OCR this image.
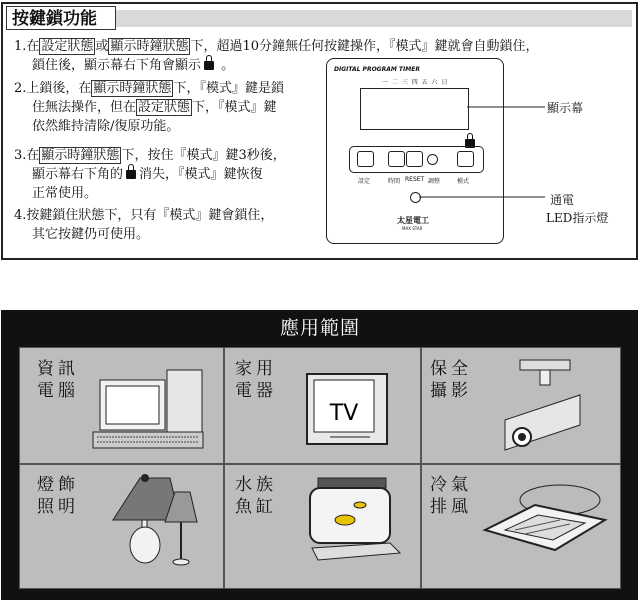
按鍵鎖功能
1.在 設定狀態 或 顯示時鐘狀態 下，超過10分鐘無任何按鍵操作，『模式』鍵就會自動鎖住，
鎖住後，顯示幕右下角會顯示 。
2.上鎖後，在 顯示時鐘狀態 下，『模式』鍵是鎖
住無法操作，但在 設定狀態 下，『模式』鍵
依然維持清除/復原功能。
3.在 顯示時鐘狀態 下，按住『模式』鍵3秒後，
顯示幕右下角的 消失，『模式』鍵恢復
正常使用。
4.按鍵鎖住狀態下，只有『模式』鍵會鎖住，
其它按鍵仍可使用。
DIGITAL PROGRAM TIMER
一 二 三 四 五 六 日
設定	時間 RESET 調整	模式
太星電工
MAX STAR
顯示幕
通電
LED指示燈
應用範圍
資訊
電腦
家用
電器
保全
攝影
燈飾
照明
水族
魚缸
冷氣
排風
TV
